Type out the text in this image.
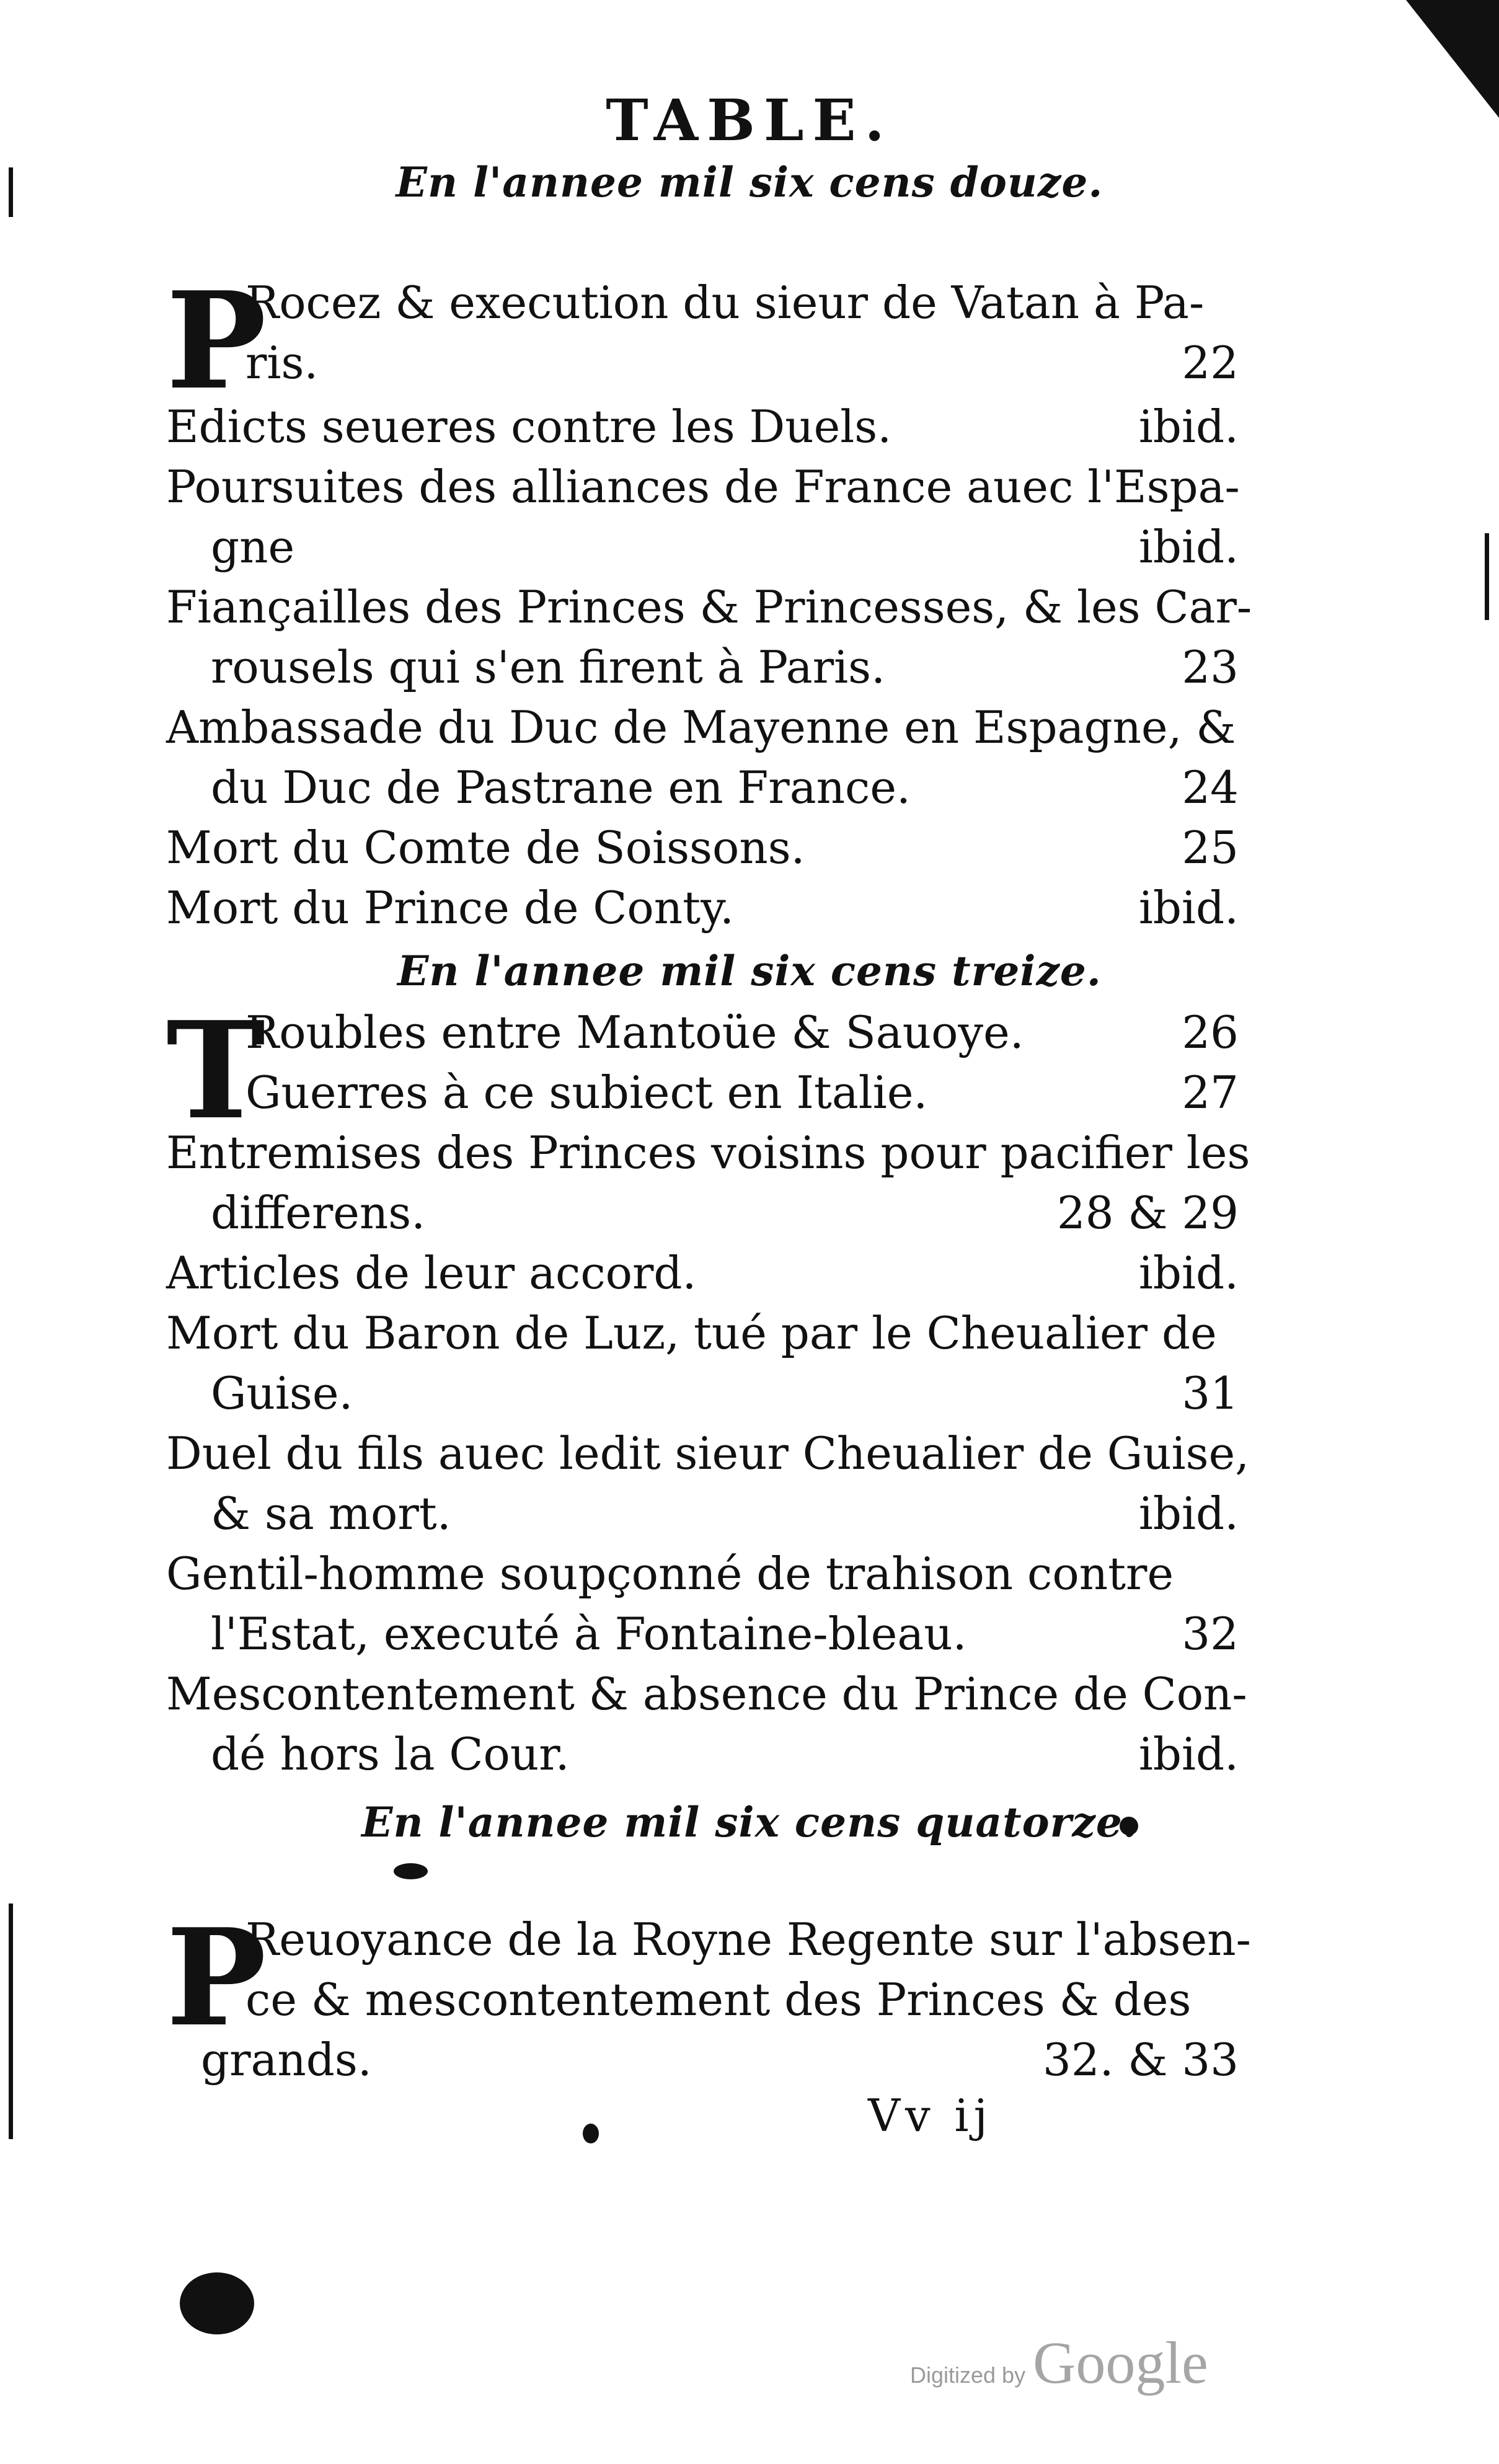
TABLE.
En l'annee mil six cens douze.
P
Rocez & execution du sieur de Vatan à Pa-
ris.	22
Edicts seueres contre les Duels.	ibid.
Poursuites des alliances de France auec l'Espa-
gne	ibid.
Fiançailles des Princes & Princesses, & les Car-
rousels qui s'en firent à Paris.	23
Ambassade du Duc de Mayenne en Espagne, &
du Duc de Pastrane en France.	24
Mort du Comte de Soissons.	25
Mort du Prince de Conty.	ibid.
En l'annee mil six cens treize.
T
Roubles entre Mantoüe & Sauoye.	26
Guerres à ce subiect en Italie.	27
Entremises des Princes voisins pour pacifier les
differens.	28 & 29
Articles de leur accord.	ibid.
Mort du Baron de Luz, tué par le Cheualier de
Guise.	31
Duel du fils auec ledit sieur Cheualier de Guise,
& sa mort.	ibid.
Gentil-homme soupçonné de trahison contre
l'Estat, executé à Fontaine-bleau.	32
Mescontentement & absence du Prince de Con-
dé hors la Cour.	ibid.
En l'annee mil six cens quatorze.
P
Reuoyance de la Royne Regente sur l'absen-
ce & mescontentement des Princes & des
grands.	32. & 33
Vv ij
Digitized by Google
